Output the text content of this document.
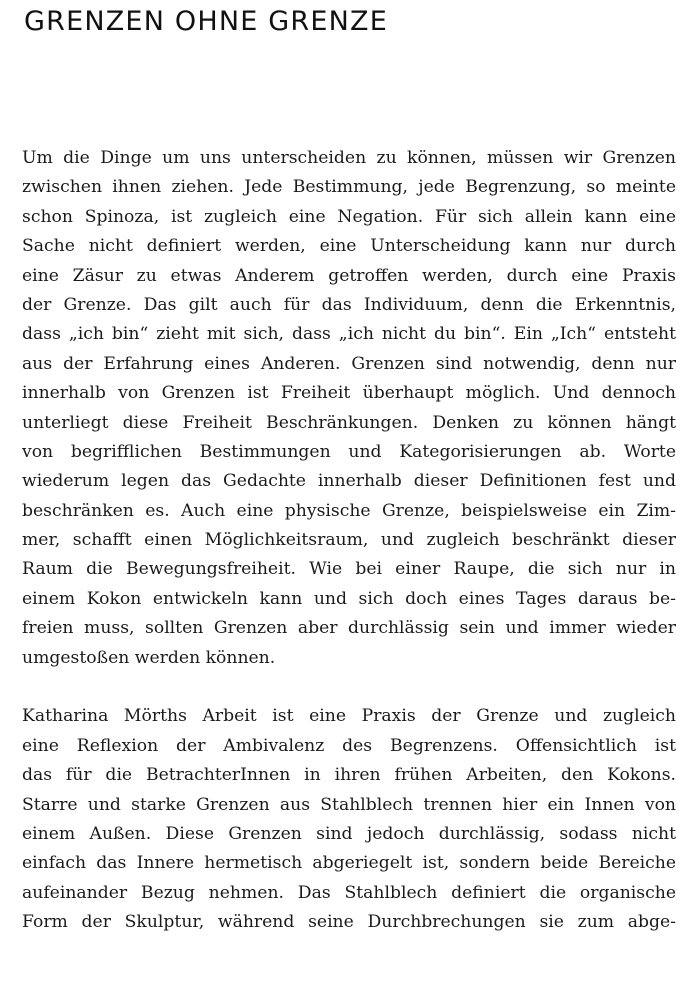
GRENZEN OHNE GRENZE
Um die Dinge um uns unterscheiden zu können, müssen wir Grenzen
zwischen ihnen ziehen. Jede Bestimmung, jede Begrenzung, so meinte
schon Spinoza, ist zugleich eine Negation. Für sich allein kann eine
Sache nicht definiert werden, eine Unterscheidung kann nur durch
eine Zäsur zu etwas Anderem getroffen werden, durch eine Praxis
der Grenze. Das gilt auch für das Individuum, denn die Erkenntnis,
dass „ich bin“ zieht mit sich, dass „ich nicht du bin“. Ein „Ich“ entsteht
aus der Erfahrung eines Anderen. Grenzen sind notwendig, denn nur
innerhalb von Grenzen ist Freiheit überhaupt möglich. Und dennoch
unterliegt diese Freiheit Beschränkungen. Denken zu können hängt
von begrifflichen Bestimmungen und Kategorisierungen ab. Worte
wiederum legen das Gedachte innerhalb dieser Definitionen fest und
beschränken es. Auch eine physische Grenze, beispielsweise ein Zim-
mer, schafft einen Möglichkeitsraum, und zugleich beschränkt dieser
Raum die Bewegungsfreiheit. Wie bei einer Raupe, die sich nur in
einem Kokon entwickeln kann und sich doch eines Tages daraus be-
freien muss, sollten Grenzen aber durchlässig sein und immer wieder
umgestoßen werden können.
Katharina Mörths Arbeit ist eine Praxis der Grenze und zugleich
eine Reflexion der Ambivalenz des Begrenzens. Offensichtlich ist
das für die BetrachterInnen in ihren frühen Arbeiten, den Kokons.
Starre und starke Grenzen aus Stahlblech trennen hier ein Innen von
einem Außen. Diese Grenzen sind jedoch durchlässig, sodass nicht
einfach das Innere hermetisch abgeriegelt ist, sondern beide Bereiche
aufeinander Bezug nehmen. Das Stahlblech definiert die organische
Form der Skulptur, während seine Durchbrechungen sie zum abge-
